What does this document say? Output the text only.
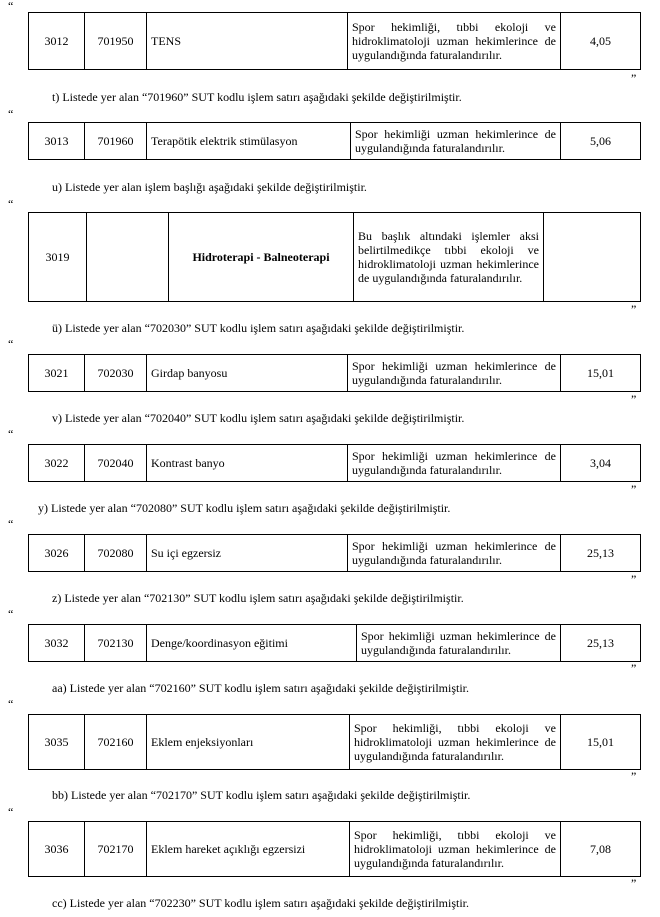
“
3012	701950	TENS	Spor hekimliği, tıbbi ekoloji ve hidroklimatoloji uzman hekimlerince de uygulandığında faturalandırılır.	4,05
”
t) Listede yer alan “701960” SUT kodlu işlem satırı aşağıdaki şekilde değiştirilmiştir.
“
3013	701960	Terapötik elektrik stimülasyon	Spor hekimliği uzman hekimlerince de uygulandığında faturalandırılır.	5,06
u) Listede yer alan işlem başlığı aşağıdaki şekilde değiştirilmiştir.
“
3019		Hidroterapi - Balneoterapi	Bu başlık altındaki işlemler aksi belirtilmedikçe tıbbi ekoloji ve hidroklimatoloji uzman hekimlerince de uygulandığında faturalandırılır.	
”
ü) Listede yer alan “702030” SUT kodlu işlem satırı aşağıdaki şekilde değiştirilmiştir.
“
3021	702030	Girdap banyosu	Spor hekimliği uzman hekimlerince de uygulandığında faturalandırılır.	15,01
”
v) Listede yer alan “702040” SUT kodlu işlem satırı aşağıdaki şekilde değiştirilmiştir.
“
3022	702040	Kontrast banyo	Spor hekimliği uzman hekimlerince de uygulandığında faturalandırılır.	3,04
”
y) Listede yer alan “702080” SUT kodlu işlem satırı aşağıdaki şekilde değiştirilmiştir.
“
3026	702080	Su içi egzersiz	Spor hekimliği uzman hekimlerince de uygulandığında faturalandırılır.	25,13
”
z) Listede yer alan “702130” SUT kodlu işlem satırı aşağıdaki şekilde değiştirilmiştir.
“
3032	702130	Denge/koordinasyon eğitimi	Spor hekimliği uzman hekimlerince de uygulandığında faturalandırılır.	25,13
”
aa) Listede yer alan “702160” SUT kodlu işlem satırı aşağıdaki şekilde değiştirilmiştir.
“
3035	702160	Eklem enjeksiyonları	Spor hekimliği, tıbbi ekoloji ve hidroklimatoloji uzman hekimlerince de uygulandığında faturalandırılır.	15,01
”
bb) Listede yer alan “702170” SUT kodlu işlem satırı aşağıdaki şekilde değiştirilmiştir.
“
3036	702170	Eklem hareket açıklığı egzersizi	Spor hekimliği, tıbbi ekoloji ve hidroklimatoloji uzman hekimlerince de uygulandığında faturalandırılır.	7,08
”
cc) Listede yer alan “702230” SUT kodlu işlem satırı aşağıdaki şekilde değiştirilmiştir.
